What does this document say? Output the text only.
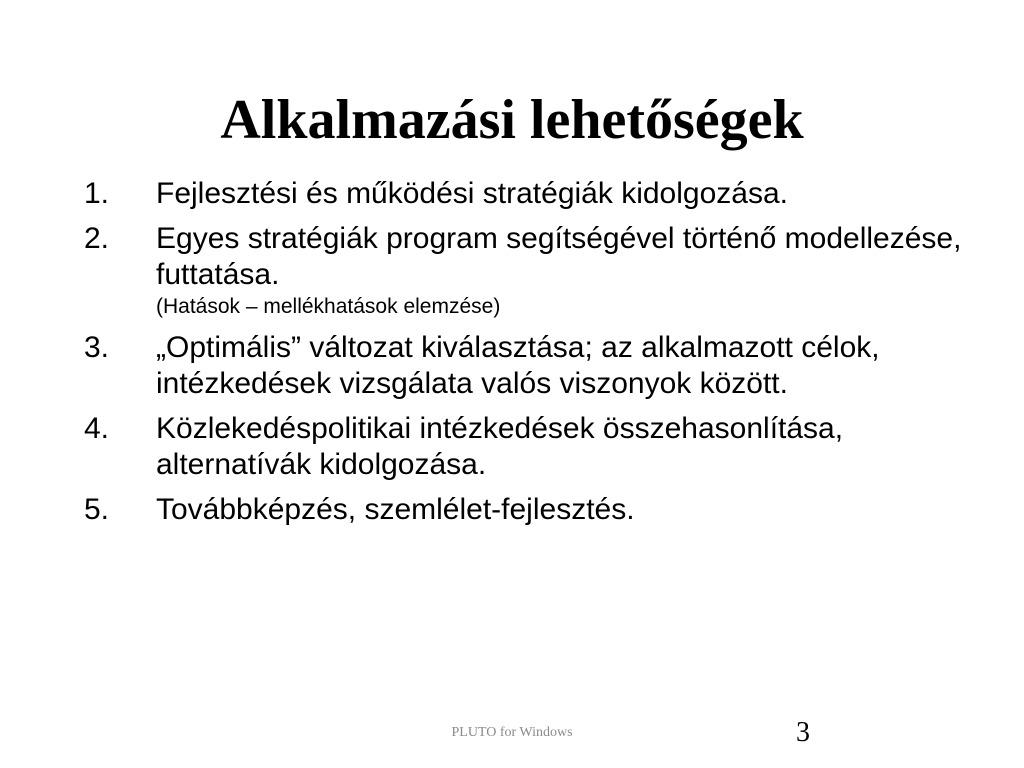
Alkalmazási lehetőségek
1.	Fejlesztési és működési stratégiák kidolgozása.
2.	Egyes stratégiák program segítségével történő modellezése, futtatása.
(Hatások – mellékhatások elemzése)
3.	„Optimális” változat kiválasztása; az alkalmazott célok, intézkedések vizsgálata valós viszonyok között.
4.	Közlekedéspolitikai intézkedések összehasonlítása, alternatívák kidolgozása.
5.	Továbbképzés, szemlélet-fejlesztés.
PLUTO for Windows	3
